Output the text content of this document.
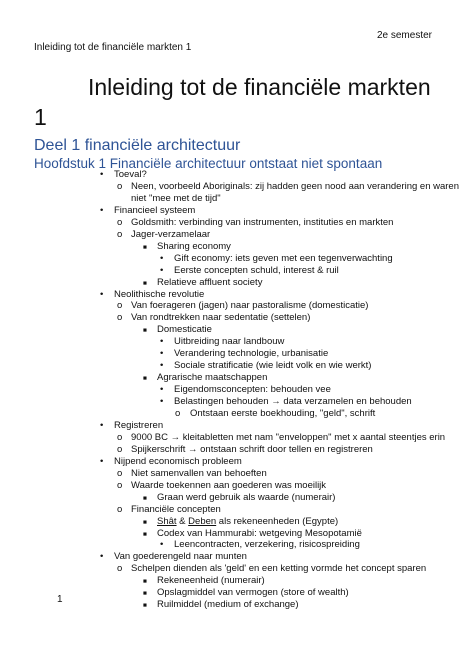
2e semester
Inleiding tot de financiële markten 1
Inleiding tot de financiële markten 1
Deel 1 financiële architectuur
Hoofdstuk 1 Financiële architectuur ontstaat niet spontaan
• Toeval?
o Neen, voorbeeld Aboriginals: zij hadden geen nood aan verandering en waren
niet "mee met de tijd"
• Financieel systeem
o Goldsmith: verbinding van instrumenten, instituties en markten
o Jager-verzamelaar
■ Sharing economy
• Gift economy: iets geven met een tegenverwachting
• Eerste concepten schuld, interest & ruil
■ Relatieve affluent society
• Neolithische revolutie
o Van foerageren (jagen) naar pastoralisme (domesticatie)
o Van rondtrekken naar sedentatie (settelen)
■ Domesticatie
• Uitbreiding naar landbouw
• Verandering technologie, urbanisatie
• Sociale stratificatie (wie leidt volk en wie werkt)
■ Agrarische maatschappen
• Eigendomsconcepten: behouden vee
• Belastingen behouden → data verzamelen en behouden
o Ontstaan eerste boekhouding, "geld", schrift
• Registreren
o 9000 BC → kleitabletten met nam "enveloppen" met x aantal steentjes erin
o Spijkerschrift → ontstaan schrift door tellen en registreren
• Nijpend economisch probleem
o Niet samenvallen van behoeften
o Waarde toekennen aan goederen was moeilijk
■ Graan werd gebruik als waarde (numerair)
o Financiële concepten
■ Shât & Deben als rekeneenheden (Egypte)
■ Codex van Hammurabi: wetgeving Mesopotamië
• Leencontracten, verzekering, risicospreiding
• Van goederengeld naar munten
o Schelpen dienden als 'geld' en een ketting vormde het concept sparen
■ Rekeneenheid (numerair)
■ Opslagmiddel van vermogen (store of wealth)
■ Ruilmiddel (medium of exchange)
1
